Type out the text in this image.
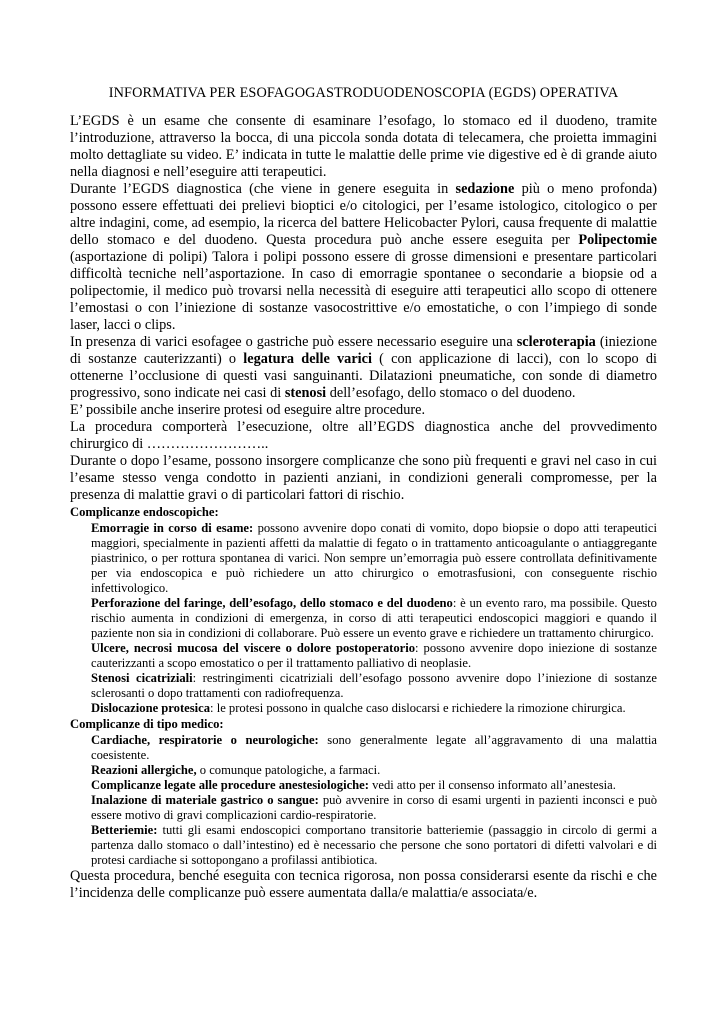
INFORMATIVA PER ESOFAGOGASTRODUODENOSCOPIA (EGDS) OPERATIVA

L’EGDS è un esame che consente di esaminare l’esofago, lo stomaco ed il duodeno, tramite l’introduzione, attraverso la bocca, di una piccola sonda dotata di telecamera, che proietta immagini molto dettagliate su video. E’ indicata in tutte le malattie delle prime vie digestive ed è di grande aiuto nella diagnosi e nell’eseguire atti terapeutici.

Durante l’EGDS diagnostica (che viene in genere eseguita in sedazione più o meno profonda) possono essere effettuati dei prelievi bioptici e/o citologici, per l’esame istologico, citologico o per altre indagini, come, ad esempio, la ricerca del battere Helicobacter Pylori, causa frequente di malattie dello stomaco e del duodeno. Questa procedura può anche essere eseguita per Polipectomie (asportazione di polipi) Talora i polipi possono essere di grosse dimensioni e presentare particolari difficoltà tecniche nell’asportazione. In caso di emorragie spontanee o secondarie a biopsie od a polipectomie, il medico può trovarsi nella necessità di eseguire atti terapeutici allo scopo di ottenere l’emostasi o con l’iniezione di sostanze vasocostrittive e/o emostatiche, o con l’impiego di sonde laser, lacci o clips.

In presenza di varici esofagee o gastriche può essere necessario eseguire una scleroterapia (iniezione di sostanze cauterizzanti) o legatura delle varici ( con applicazione di lacci), con lo scopo di ottenerne l’occlusione di questi vasi sanguinanti. Dilatazioni pneumatiche, con sonde di diametro progressivo, sono indicate nei casi di stenosi dell’esofago, dello stomaco o del duodeno.

E’ possibile anche inserire protesi od eseguire altre procedure.

La procedura comporterà l’esecuzione, oltre all’EGDS diagnostica anche del provvedimento chirurgico di ……………………..

Durante o dopo l’esame, possono insorgere complicanze che sono più frequenti e gravi nel caso in cui l’esame stesso venga condotto in pazienti anziani, in condizioni generali compromesse, per la presenza di malattie gravi o di particolari fattori di rischio.

Complicanze endoscopiche:

Emorragie in corso di esame: possono avvenire dopo conati di vomito, dopo biopsie o dopo atti terapeutici maggiori, specialmente in pazienti affetti da malattie di fegato o in trattamento anticoagulante o antiaggregante piastrinico, o per rottura spontanea di varici. Non sempre un’emorragia può essere controllata definitivamente per via endoscopica e può richiedere un atto chirurgico o emotrasfusioni, con conseguente rischio infettivologico.

Perforazione del faringe, dell’esofago, dello stomaco e del duodeno: è un evento raro, ma possibile. Questo rischio aumenta in condizioni di emergenza, in corso di atti terapeutici endoscopici maggiori e quando il paziente non sia in condizioni di collaborare. Può essere un evento grave e richiedere un trattamento chirurgico.

Ulcere, necrosi mucosa del viscere o dolore postoperatorio: possono avvenire dopo iniezione di sostanze cauterizzanti a scopo emostatico o per il trattamento palliativo di neoplasie.

Stenosi cicatriziali: restringimenti cicatriziali dell’esofago possono avvenire dopo l’iniezione di sostanze sclerosanti o dopo trattamenti con radiofrequenza.

Dislocazione protesica: le protesi possono in qualche caso dislocarsi e richiedere la rimozione chirurgica.

Complicanze di tipo medico:

Cardiache, respiratorie o neurologiche: sono generalmente legate all’aggravamento di una malattia coesistente.

Reazioni allergiche, o comunque patologiche, a farmaci.

Complicanze legate alle procedure anestesiologiche: vedi atto per il consenso informato all’anestesia.

Inalazione di materiale gastrico o sangue: può avvenire in corso di esami urgenti in pazienti inconsci e può essere motivo di gravi complicazioni cardio-respiratorie.

Betteriemie: tutti gli esami endoscopici comportano transitorie batteriemie (passaggio in circolo di germi a partenza dallo stomaco o dall’intestino) ed è necessario che persone che sono portatori di difetti valvolari e di protesi cardiache si sottopongano a profilassi antibiotica.

Questa procedura, benché eseguita con tecnica rigorosa, non possa considerarsi esente da rischi e che l’incidenza delle complicanze può essere aumentata dalla/e malattia/e associata/e.
